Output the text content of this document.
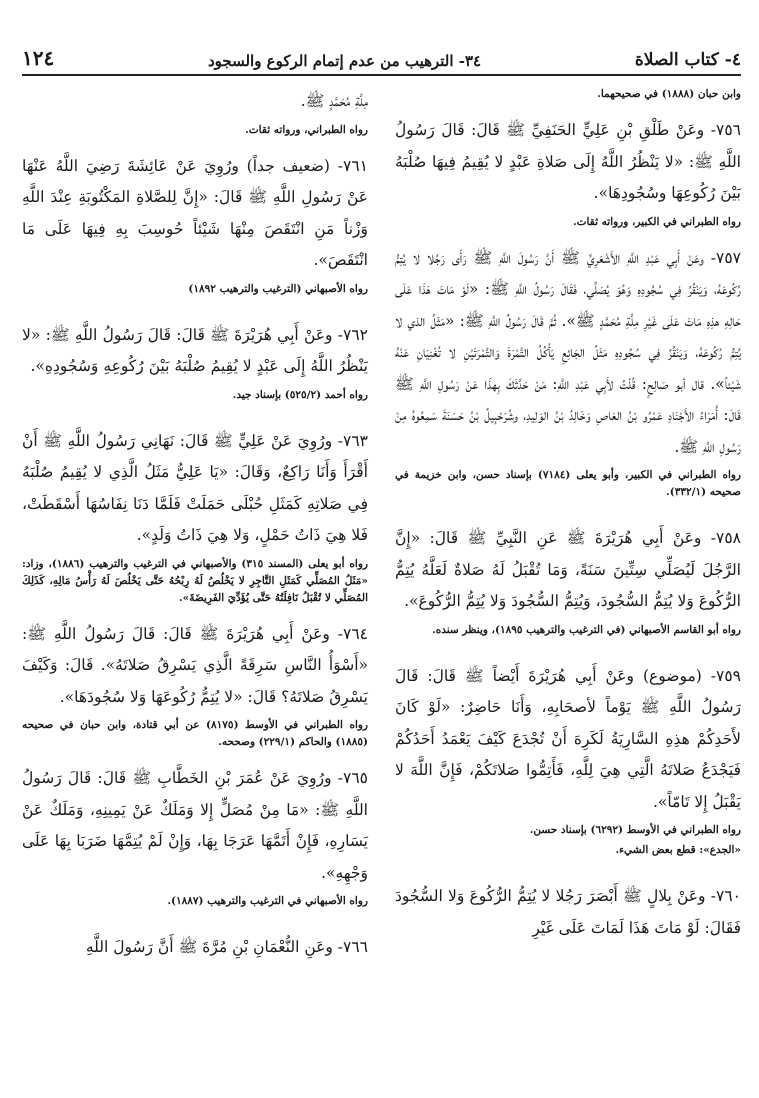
٤- كتاب الصلاة
٣٤- الترهيب من عدم إتمام الركوع والسجود
١٢٤

وابن حبان (١٨٨٨) في صحيحهما.

٧٥٦- وعَنْ طَلْقِ بْنِ عَلِيٍّ الحَنَفِيِّ ﷺ قَالَ: قَالَ رَسُولُ اللَّهِ ﷺ: «لا يَنْظُرُ اللَّهُ إِلَى صَلاةِ عَبْدٍ لا يُقِيمُ فِيهَا صُلْبَهُ بَيْنَ رُكُوعِهَا وسُجُودِهَا».

رواه الطبراني في الكبير، ورواته ثقات.

٧٥٧- وعَنْ أَبِي عَبْدِ اللَّهِ الأَشْعَرِيِّ ﷺ أَنَّ رَسُولَ اللَّهِ ﷺ رَأَى رَجُلا لا يُتِمُّ رُكُوعَهُ، وَيَنْقُرُ فِي سُجُودِهِ وَهُوَ يُصَلِّي، فَقَالَ رَسُولُ اللَّهِ ﷺ: «لَوْ مَاتَ هَذَا عَلَى حَالِهِ هذِهِ مَاتَ عَلَى غَيْرِ مِلَّةِ مُحَمَّدٍ ﷺ». ثُمَّ قَالَ رَسُولُ اللَّهِ ﷺ: «مَثَلُ الذي لا يُتِمُّ رُكُوعَهُ، وَيَنْقُرُ فِي سُجُودِهِ مَثَلُ الجَائِعِ يَأْكُلُ التَّمْرَةَ وَالتَّمْرَتَيْنِ لا تُغْنِيَانِ عَنْهُ شَيْئاً». قال أبو صَالِحٍ: قُلْتُ لأَبِي عَبْدِ اللَّهِ: مَنْ حَدَّثَكَ بِهذَا عَنْ رَسُولِ اللَّهِ ﷺ قَالَ: أُمَرَاءُ الأَجْنَادِ عَمْرُو بْنُ العَاصِ وَخَالِدُ بْنُ الوَلِيدِ، وشُرَحْبِيلُ بْنُ حَسَنَةَ سَمِعُوهُ مِنْ رَسُولِ اللَّهِ ﷺ.

رواه الطبراني في الكبير، وأبو يعلى (٧١٨٤) بإسناد حسن، وابن خزيمة في صحيحه (٣٣٢/١).

٧٥٨- وعَنْ أَبِي هُرَيْرَةَ ﷺ عَنِ النَّبِيِّ ﷺ قَالَ: «إِنَّ الرَّجُلَ لَيُصَلِّي سِتِّينَ سَنَةً، وَمَا تُقْبَلُ لَهُ صَلاةٌ لَعَلَّهُ يُتِمُّ الرُّكُوعَ وَلا يُتِمُّ السُّجُودَ، وَيُتِمُّ السُّجُودَ وَلا يُتِمُّ الرُّكُوعَ».

رواه أبو القاسم الأصبهاني (في الترغيب والترهيب ١٨٩٥)، وينظر سنده.

٧٥٩- (موضوع) وعَنْ أَبِي هُرَيْرَةَ أَيْضاً ﷺ قَالَ: قَالَ رَسُولُ اللَّهِ ﷺ يَوْماً لأصحَابِهِ، وَأَنَا حَاضِرٌ: «لَوْ كَانَ لأَحَدِكُمْ هذِهِ السَّارِيَةُ لَكَرِهَ أَنْ تُجْدَعَ كَيْفَ يَعْمَدُ أَحَدُكُمْ فَيَجْدَعُ صَلاتَهُ الَّتِي هِيَ لِلَّهِ، فَأَتِمُّوا صَلاتَكُمْ، فَإِنَّ اللَّهَ لا يَقْبَلُ إِلا تَامّاً».

رواه الطبراني في الأوسط (٦٢٩٢) بإسناد حسن.

«الجدع»: قطع بعض الشيء.

٧٦٠- وعَنْ بِلالٍ ﷺ أَبْصَرَ رَجُلا لا يُتِمُّ الرُّكُوعَ وَلا السُّجُودَ فَقَالَ: لَوْ مَاتَ هَذَا لَمَاتَ عَلَى غَيْرِ

مِلَّةِ مُحَمَّدٍ ﷺ.

رواه الطبراني، ورواته ثقات.

٧٦١- (ضعيف جداً) ورُوِيَ عَنْ عَائِشَةَ رَضِيَ اللَّهُ عَنْهَا عَنْ رَسُولِ اللَّهِ ﷺ قَالَ: «إِنَّ لِلصَّلاةِ المَكْتُوبَةِ عِنْدَ اللَّهِ وَزْناً مَنِ انْتَقَصَ مِنْهَا شَيْئاً حُوسِبَ بِهِ فِيهَا عَلَى مَا انْتَقَصَ».

رواه الأصبهاني (الترغيب والترهيب ١٨٩٢)

٧٦٢- وعَنْ أَبِي هُرَيْرَةَ ﷺ قَالَ: قَالَ رَسُولُ اللَّهِ ﷺ: «لا يَنْظُرُ اللَّهُ إِلَى عَبْدٍ لا يُقِيمُ صُلْبَهُ بَيْنَ رُكُوعِهِ وَسُجُودِهِ».

رواه أحمد (٥٢٥/٢) بإسناد جيد.

٧٦٣- ورُوِيَ عَنْ عَلِيٍّ ﷺ قَالَ: نَهَانِي رَسُولُ اللَّهِ ﷺ أَنْ أَقْرَأَ وَأَنَا رَاكِعٌ، وَقَالَ: «يَا عَلِيُّ مَثَلُ الَّذِي لا يُقِيمُ صُلْبَهُ فِي صَلاتِهِ كَمَثَلِ حُبْلَى حَمَلَتْ فَلَمَّا دَنَا نِفَاسُهَا أَسْقَطَتْ، فَلا هِيَ ذَاتُ حَمْلٍ، وَلا هِيَ ذَاتُ وَلَدٍ».

رواه أبو يعلى (المسند ٣١٥) والأصبهاني في الترغيب والترهيب (١٨٨٦)، وزاد: «مَثَلُ المُصَلِّي كَمَثَلِ التَّاجِرِ لا يَخْلُصُ لَهُ رِبْحُهُ حَتَّى يَخْلُصَ لَهُ رَأْسُ مَالِهِ، كَذَلِكَ المُصَلِّي لا تُقْبَلُ نَافِلَتُهُ حَتَّى يُؤَدِّيَ الفَرِيضَةَ».

٧٦٤- وعَنْ أَبِي هُرَيْرَةَ ﷺ قَالَ: قَالَ رَسُولُ اللَّهِ ﷺ: «أَسْوَأُ النَّاسِ سَرِقَةً الَّذِي يَسْرِقُ صَلاتَهُ». قَالَ: وَكَيْفَ يَسْرِقُ صَلاتَهُ؟ قَالَ: «لا يُتِمُّ رُكُوعَهَا وَلا سُجُودَهَا».

رواه الطبراني في الأوسط (٨١٧٥) عن أبي قتادة، وابن حبان في صحيحه (١٨٨٥) والحاكم (٢٢٩/١) وصححه.

٧٦٥- ورُوِيَ عَنْ عُمَرَ بْنِ الخَطَّابِ ﷺ قَالَ: قَالَ رَسُولُ اللَّهِ ﷺ: «مَا مِنْ مُصَلٍّ إِلا وَمَلَكٌ عَنْ يَمِينِهِ، وَمَلَكٌ عَنْ يَسَارِهِ، فَإِنْ أَتَمَّهَا عَرَجَا بِهَا، وَإِنْ لَمْ يُتِمَّهَا ضَرَبَا بِهَا عَلَى وَجْهِهِ».

رواه الأصبهاني في الترغيب والترهيب (١٨٨٧).

٧٦٦- وعَنِ النُّعْمَانِ بْنِ مُرَّةَ ﷺ أَنَّ رَسُولَ اللَّهِ
